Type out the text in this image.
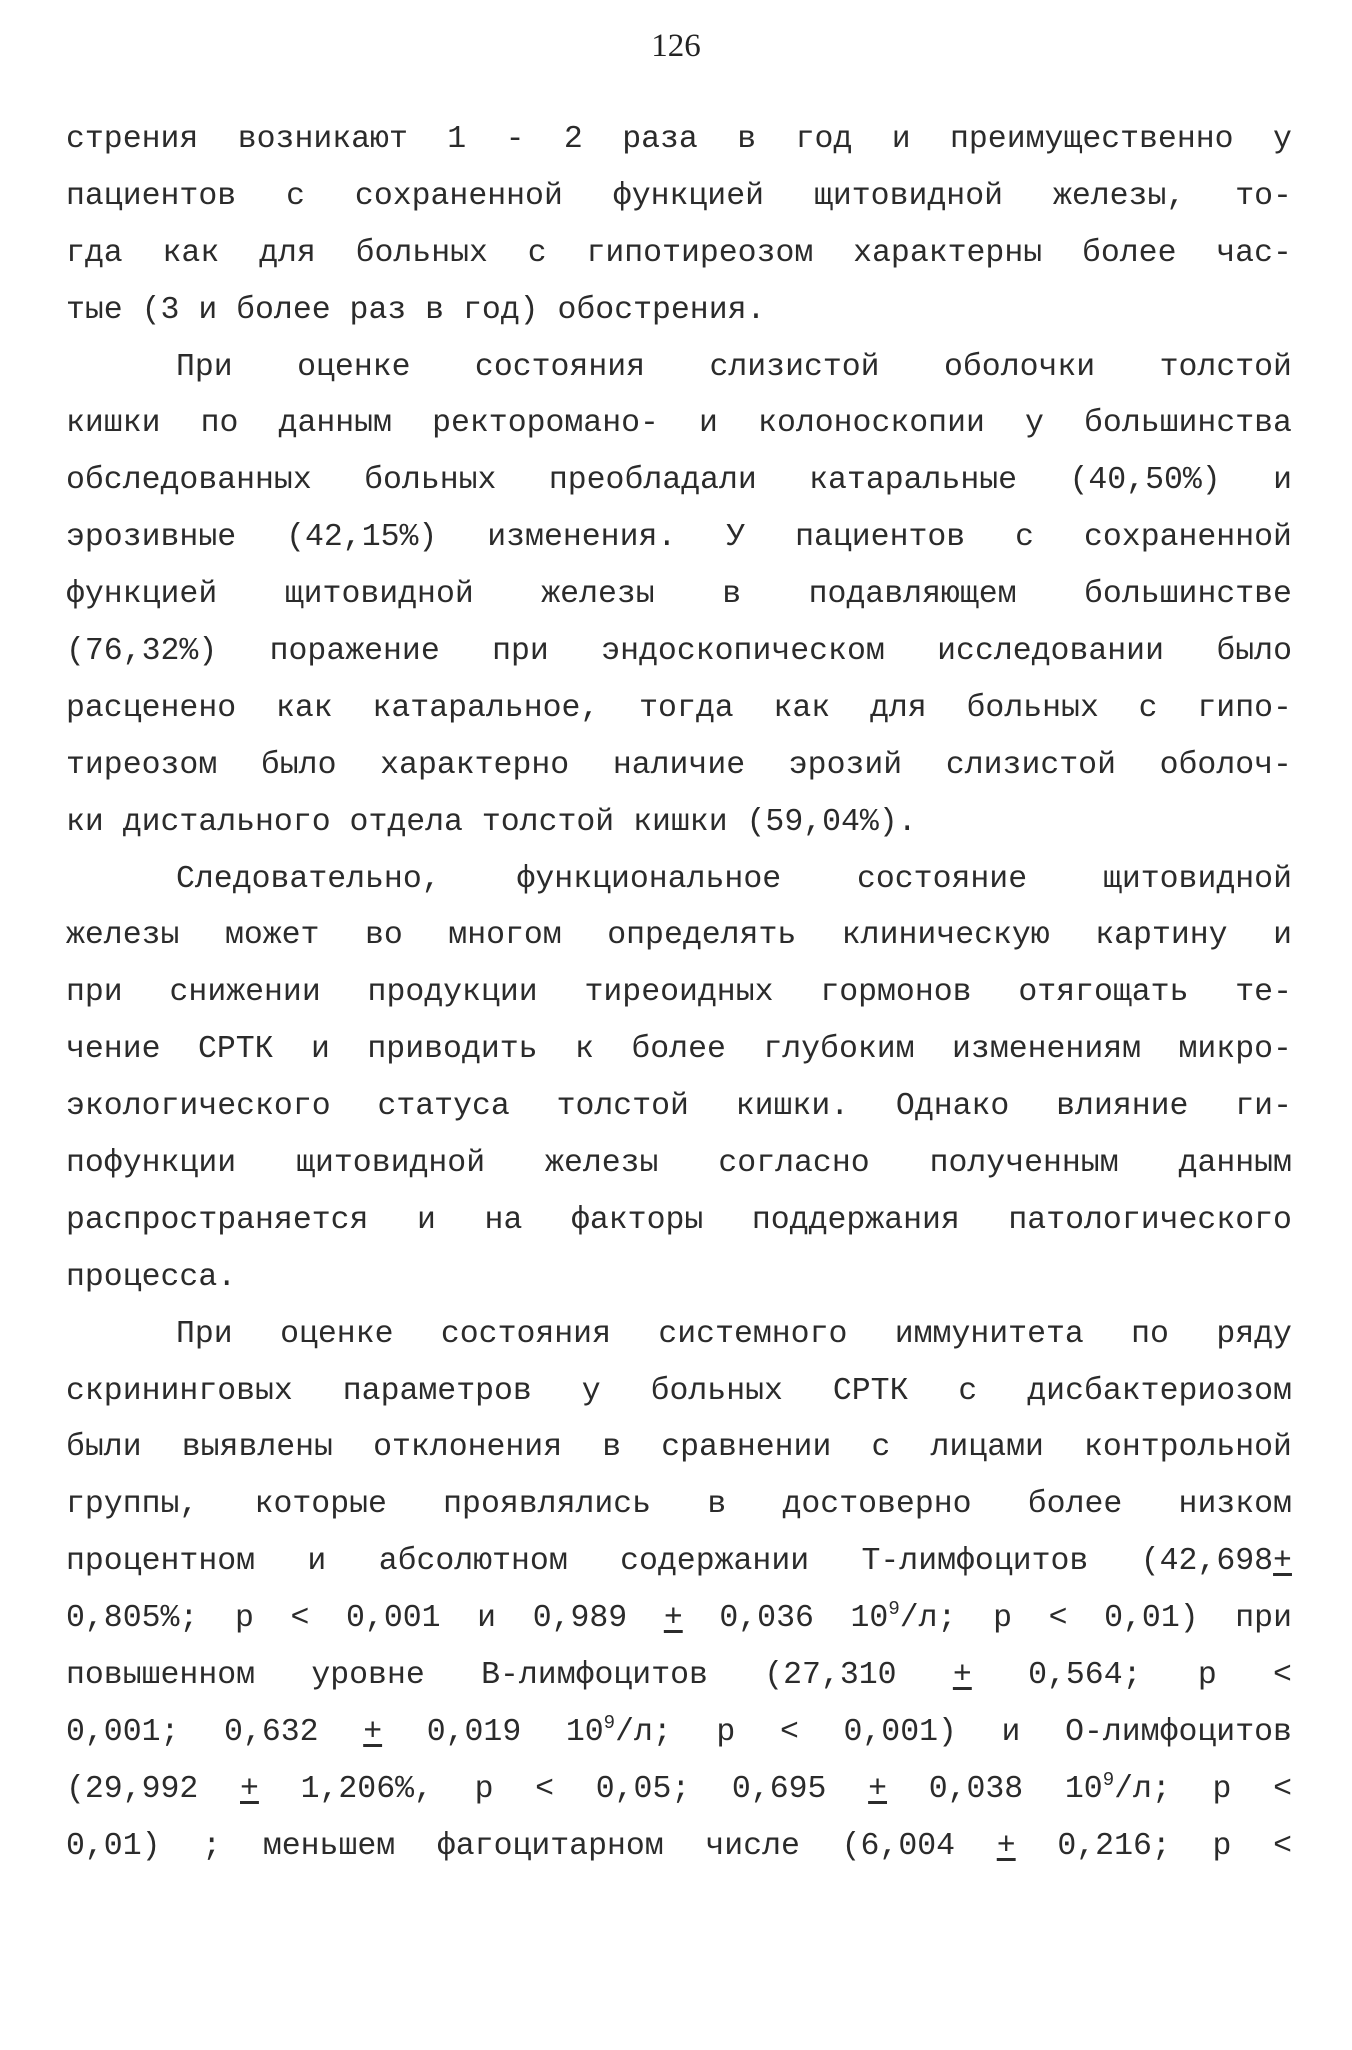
126
стрения возникают 1 - 2 раза в год и преимущественно у
пациентов с сохраненной функцией щитовидной железы, то-
гда как для больных с гипотиреозом характерны более час-
тые (3 и более раз в год) обострения.
При оценке состояния слизистой оболочки толстой
кишки по данным ректороманo- и колоноскопии у большинства
обследованных больных преобладали катаральные (40,50%) и
эрозивные (42,15%) изменения. У пациентов с сохраненной
функцией щитовидной железы в подавляющем большинстве
(76,32%) поражение при эндоскопическом исследовании было
расценено как катаральное, тогда как для больных с гипо-
тиреозом было характерно наличие эрозий слизистой оболоч-
ки дистального отдела толстой кишки (59,04%).
Следовательно, функциональное состояние щитовидной
железы может во многом определять клиническую картину и
при снижении продукции тиреоидных гормонов отягощать те-
чение СРТК и приводить к более глубоким изменениям микро-
экологического статуса толстой кишки. Однако влияние ги-
пофункции щитовидной железы согласно полученным данным
распространяется и на факторы поддержания патологического
процесса.
При оценке состояния системного иммунитета по ряду
скрининговых параметров у больных СРТК с дисбактериозом
были выявлены отклонения в сравнении с лицами контрольной
группы, которые проявлялись в достоверно более низком
процентном и абсолютном содержании Т-лимфоцитов (42,698+
0,805%; р < 0,001 и 0,989 + 0,036 $10^9/л$; р < 0,01) при
повышенном уровне В-лимфоцитов (27,310 + 0,564; р <
0,001; 0,632 + 0,019 $10^9/л$; р < 0,001) и О-лимфоцитов
(29,992 + 1,206%, р < 0,05; 0,695 + 0,038 $10^9/л$; р <
0,01) ; меньшем фагоцитарном числе (6,004 + 0,216; р <
